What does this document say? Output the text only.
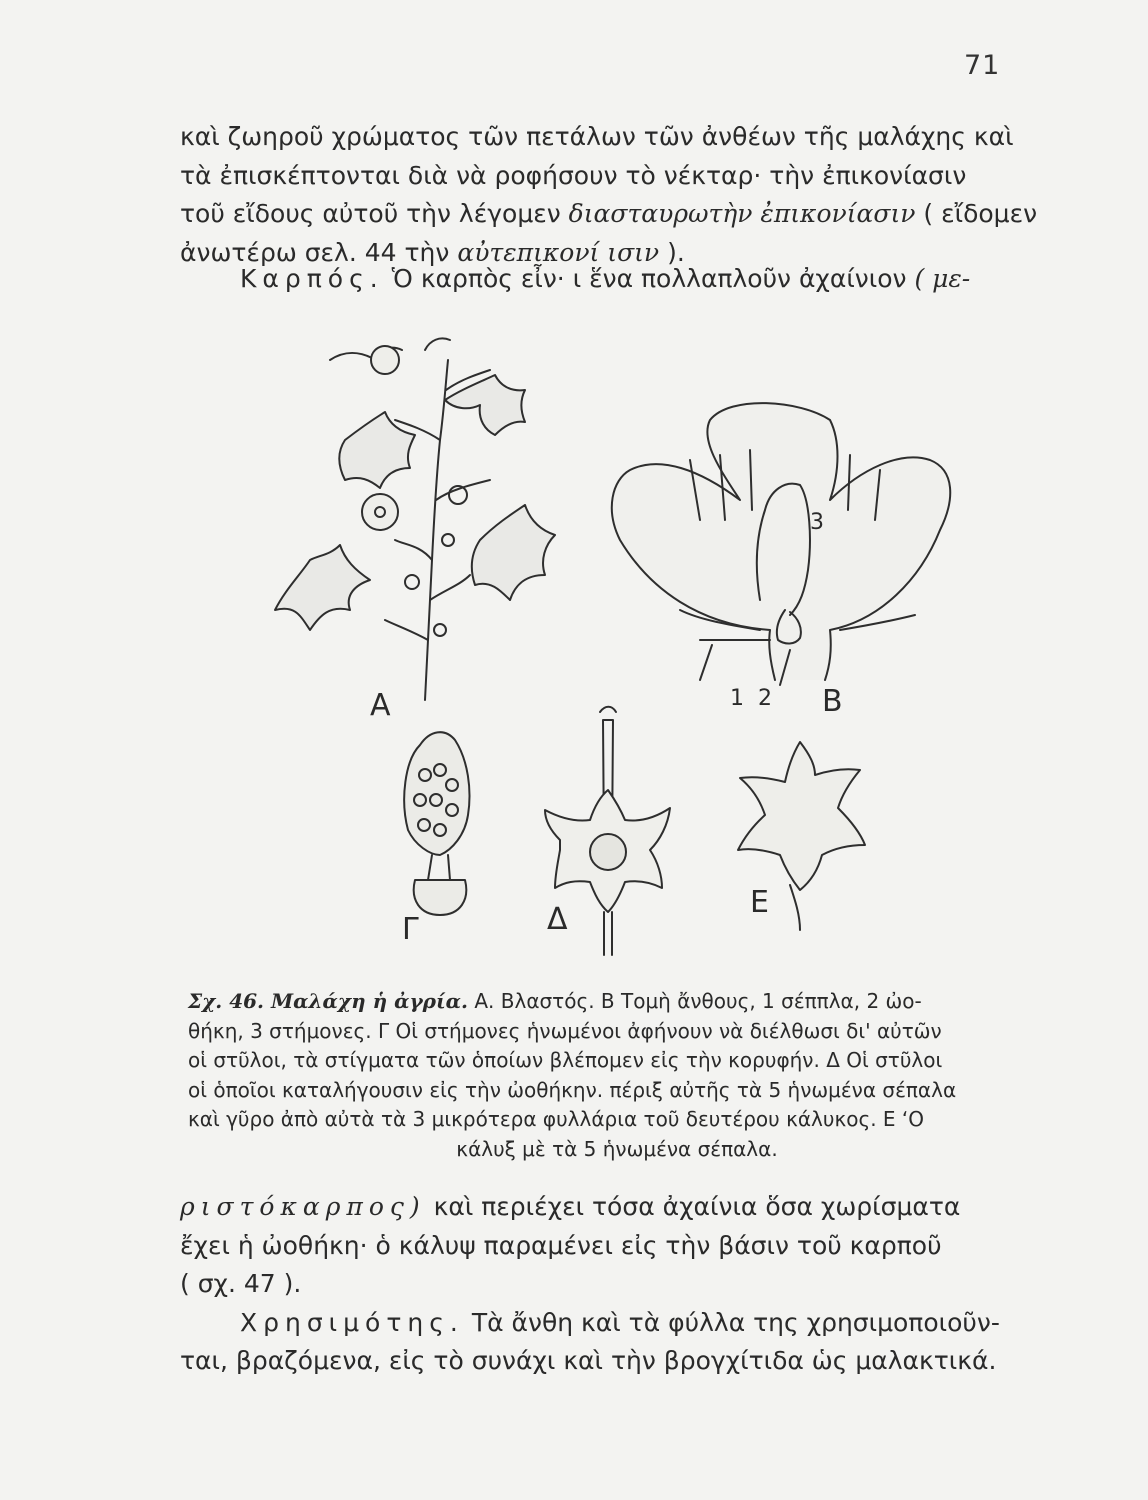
71
καὶ ζωηροῦ χρώματος τῶν πετάλων τῶν ἀνθέων τῆς μαλάχης καὶ
τὰ ἐπισκέπτονται διὰ νὰ ροφήσουν τὸ νέκταρ· τὴν ἐπικονίασιν
τοῦ εἴδους αὐτοῦ τὴν λέγομεν διασταυρωτὴν ἐπικονίασιν ( εἴδομεν
ἀνωτέρω σελ. 44 τὴν αὐτεπικονί ισιν ).
Καρπός. Ὁ καρπὸς εἶν· ι ἕνα πολλαπλοῦν ἀχαίνιον ( με-
Α	Β
Γ	Δ	Ε
1 2
3
Σχ. 46. Μαλάχη ἡ ἀγρία. Α. Βλαστός. Β Τομὴ ἄνθους, 1 σέππλα, 2 ὠο-
θήκη, 3 στήμονες. Γ Οἱ στήμονες ἡνωμένοι ἀφήνουν νὰ διέλθωσι δι' αὐτῶν
οἱ στῦλοι, τὰ στίγματα τῶν ὁποίων βλέπομεν εἰς τὴν κορυφήν. Δ Οἱ στῦλοι
οἱ ὁποῖοι καταλήγουσιν εἰς τὴν ὠοθήκην. πέριξ αὐτῆς τὰ 5 ἡνωμένα σέπαλα
καὶ γῦρο ἀπὸ αὐτὰ τὰ 3 μικρότερα φυλλάρια τοῦ δευτέρου κάλυκος. Ε ʻΟ
κάλυξ μὲ τὰ 5 ἡνωμένα σέπαλα.
ριστόκαρπος) καὶ περιέχει τόσα ἀχαίνια ὅσα χωρίσματα
ἔχει ἡ ὠοθήκη· ὁ κάλυψ παραμένει εἰς τὴν βάσιν τοῦ καρποῦ
( σχ. 47 ).
Χρησιμότης. Τὰ ἄνθη καὶ τὰ φύλλα της χρησιμοποιοῦν-
ται, βραζόμενα, εἰς τὸ συνάχι καὶ τὴν βρογχίτιδα ὡς μαλακτικά.
